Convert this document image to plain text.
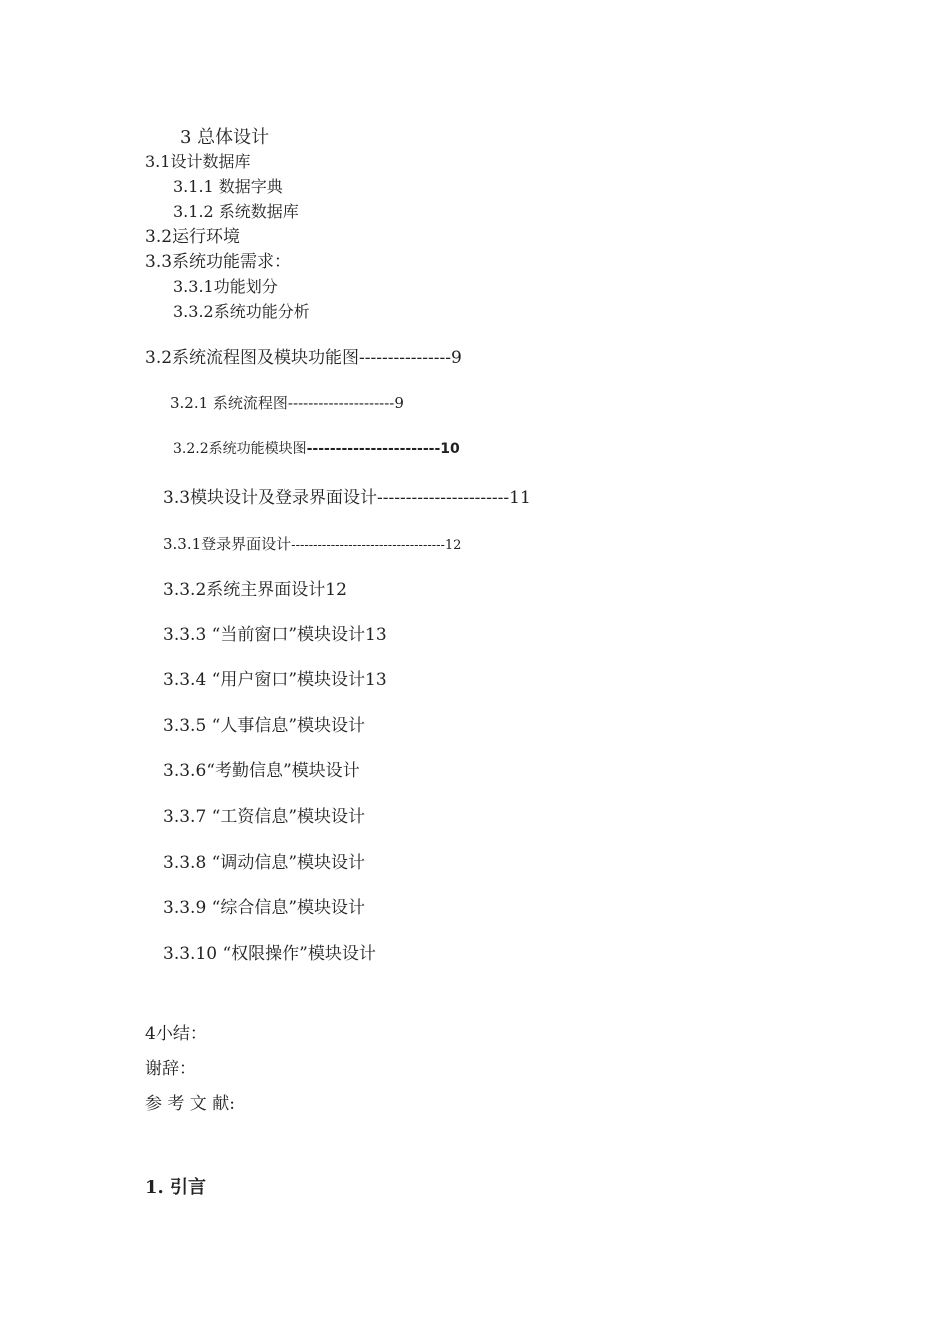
3 总体设计
3.1设计数据库
3.1.1 数据字典
3.1.2 系统数据库
3.2运行环境
3.3系统功能需求：
3.3.1功能划分
3.3.2系统功能分析
3.2系统流程图及模块功能图----------------9
3.2.1 系统流程图---------------------9
3.2.2系统功能模块图-----------------------10
3.3模块设计及登录界面设计-----------------------11
3.3.1登录界面设计-----------------------------------12
3.3.2系统主界面设计12
3.3.3 “当前窗口”模块设计13
3.3.4 “用户窗口”模块设计13
3.3.5 “人事信息”模块设计
3.3.6“考勤信息”模块设计
3.3.7 “工资信息”模块设计
3.3.8 “调动信息”模块设计
3.3.9 “综合信息”模块设计
3.3.10 “权限操作”模块设计
4小结：
谢辞：
参 考 文 献:
1. 引言
